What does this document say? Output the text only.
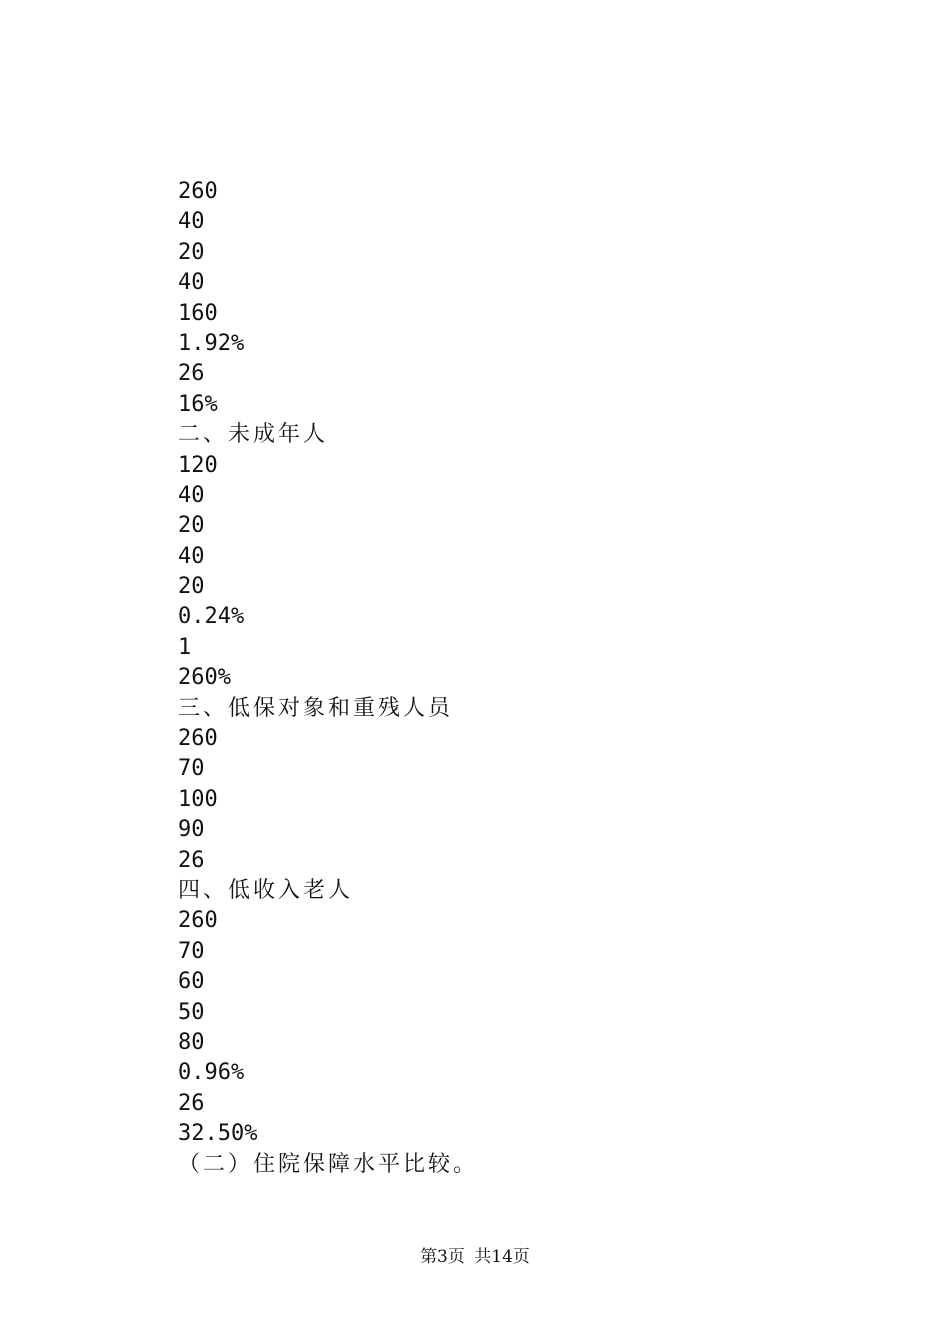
260
40
20
40
160
1.92%
26
16%
二、未成年人
120
40
20
40
20
0.24%
1
260%
三、低保对象和重残人员
260
70
100
90
26
四、低收入老人
260
70
60
50
80
0.96%
26
32.50%
（二）住院保障水平比较。
第3页 共14页
